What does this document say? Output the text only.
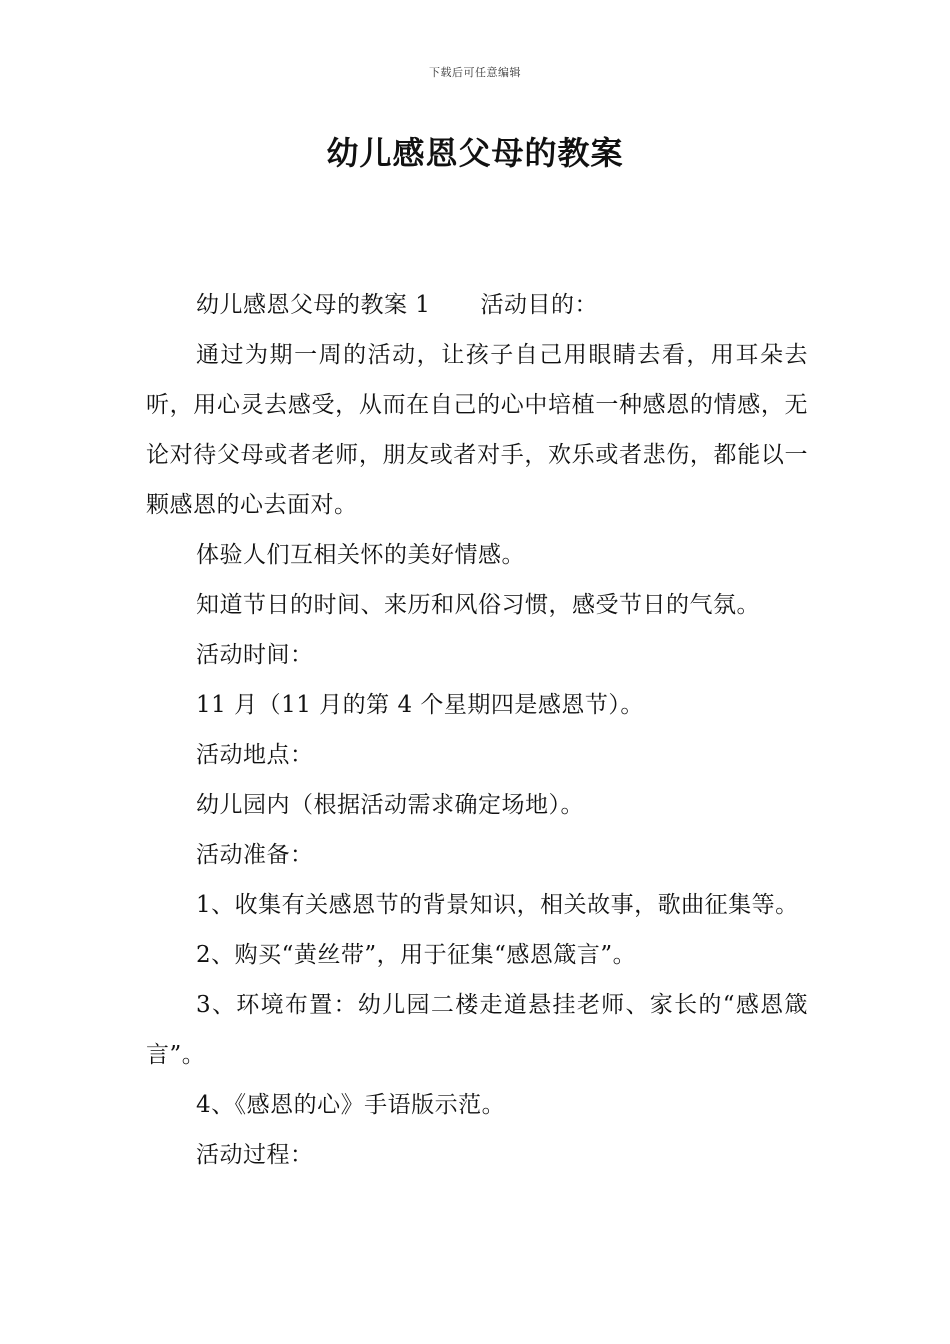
下载后可任意编辑
幼儿感恩父母的教案

幼儿感恩父母的教案 1 活动目的：

通过为期一周的活动，让孩子自己用眼睛去看，用耳朵去听，用心灵去感受，从而在自己的心中培植一种感恩的情感，无论对待父母或者老师，朋友或者对手，欢乐或者悲伤，都能以一颗感恩的心去面对。

体验人们互相关怀的美好情感。

知道节日的时间、来历和风俗习惯，感受节日的气氛。

活动时间：

11 月（11 月的第 4 个星期四是感恩节）。

活动地点：

幼儿园内（根据活动需求确定场地）。

活动准备：

1、收集有关感恩节的背景知识，相关故事，歌曲征集等。

2、购买“黄丝带”，用于征集“感恩箴言”。

3、环境布置：幼儿园二楼走道悬挂老师、家长的“感恩箴言”。

4、《感恩的心》手语版示范。

活动过程：
